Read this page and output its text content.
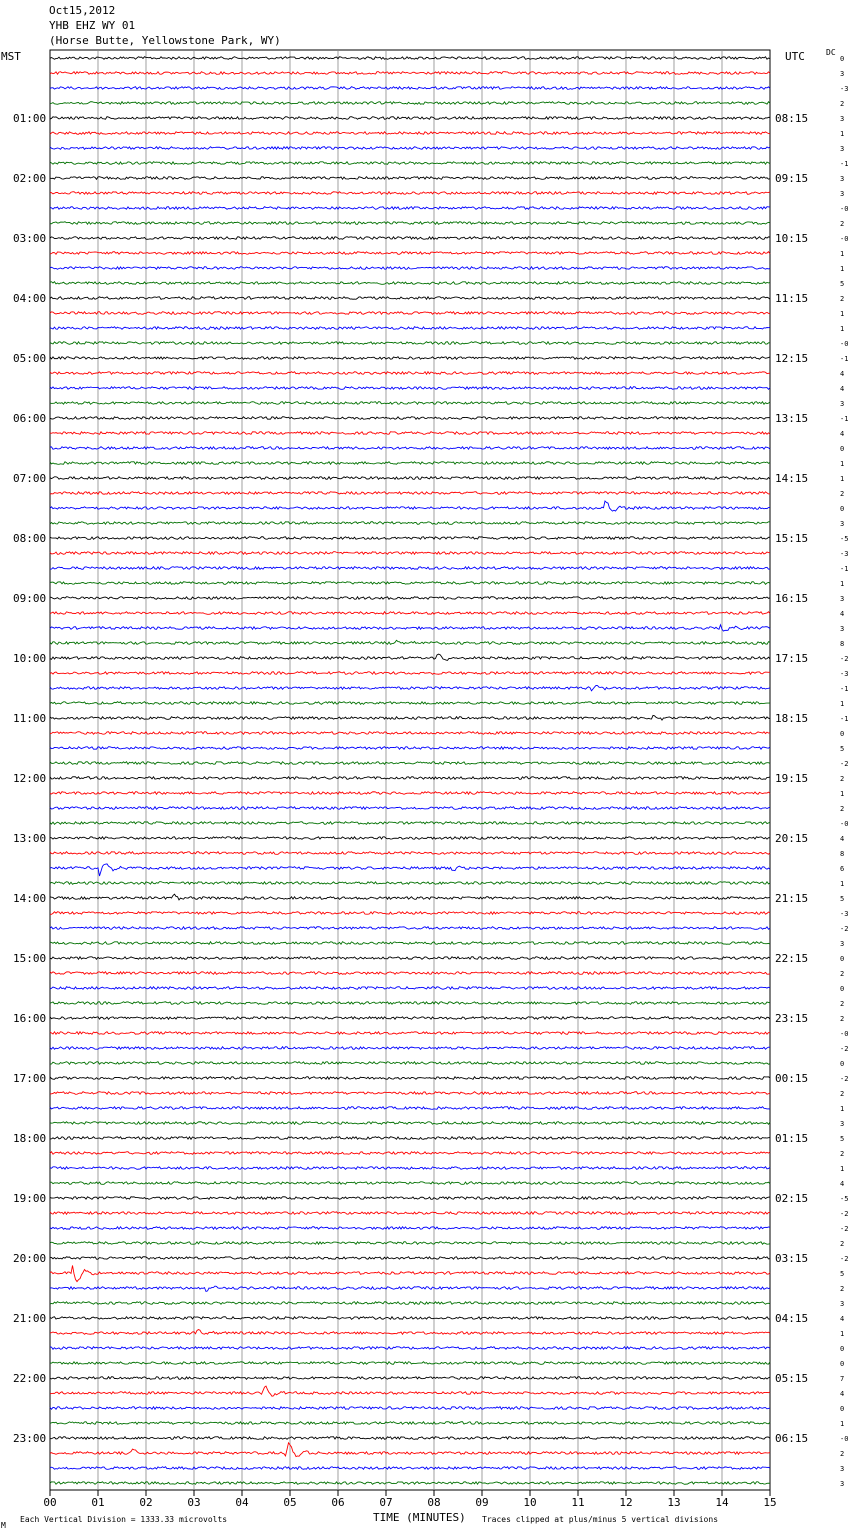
Oct15,2012
YHB EHZ WY 01
(Horse Butte, Yellowstone Park, WY)
MST	UTC	DC
0
3
-3
2
3
1
3
-1
3
3
-0
2
-0
1
1
5
2
1
1
-0
-1
4
4
3
-1
4
0
1
1
2
0
3
-5
-3
-1
1
3
4
3
8
-2
-3
-1
1
-1
0
5
-2
2
1
2
-0
4
8
6
1
5
-3
-2
3
0
2
0
2
2
-0
-2
0
-2
2
1
3
5
2
1
4
-5
-2
-2
2
-2
5
2
3
4
1
0
0
7
4
0
1
-0
2
3
3
01:00	08:15
02:00	09:15
03:00	10:15
04:00	11:15
05:00	12:15
06:00	13:15
07:00	14:15
08:00	15:15
09:00	16:15
10:00	17:15
11:00	18:15
12:00	19:15
13:00	20:15
14:00	21:15
15:00	22:15
16:00	23:15
17:00	00:15
18:00	01:15
19:00	02:15
20:00	03:15
21:00	04:15
22:00	05:15
23:00	06:15
00	01	02	03	04	05	06	07	08	09	10	11	12	13	14	15
M
Each Vertical Division = 1333.33 microvolts	TIME (MINUTES) Traces clipped at plus/minus 5 vertical divisions
